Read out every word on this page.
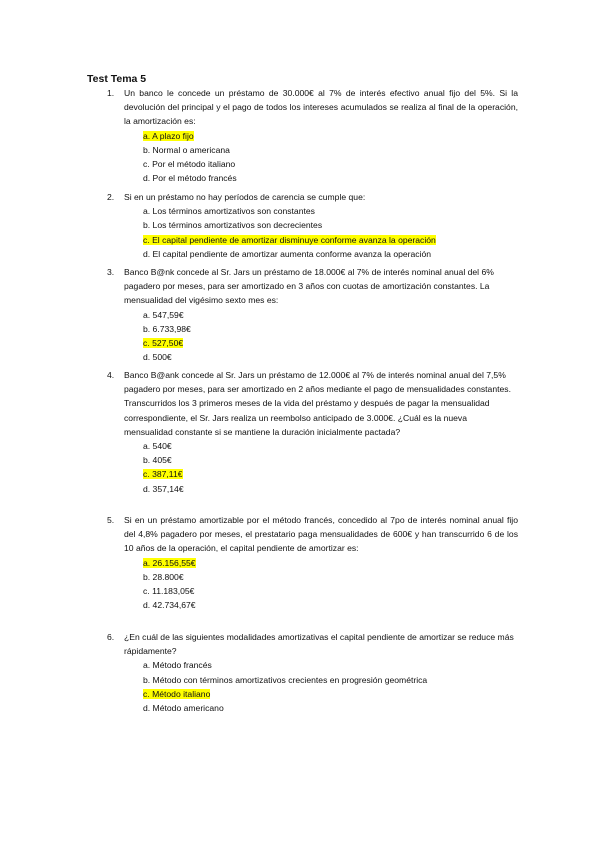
Test Tema 5

1. Un banco le concede un préstamo de 30.000€ al 7% de interés efectivo anual fijo del 5%. Si la devolución del principal y el pago de todos los intereses acumulados se realiza al final de la operación, la amortización es:

a. A plazo fijo
b. Normal o americana
c. Por el método italiano
d. Por el método francés

2. Si en un préstamo no hay períodos de carencia se cumple que:

a. Los términos amortizativos son constantes
b. Los términos amortizativos son decrecientes
c. El capital pendiente de amortizar disminuye conforme avanza la operación
d. El capital pendiente de amortizar aumenta conforme avanza la operación

3. Banco B@nk concede al Sr. Jars un préstamo de 18.000€ al 7% de interés nominal anual del 6% pagadero por meses, para ser amortizado en 3 años con cuotas de amortización constantes. La mensualidad del vigésimo sexto mes es:

a. 547,59€
b. 6.733,98€
c. 527,50€
d. 500€

4. Banco B@ank concede al Sr. Jars un préstamo de 12.000€ al 7% de interés nominal anual del 7,5% pagadero por meses, para ser amortizado en 2 años mediante el pago de mensualidades constantes. Transcurridos los 3 primeros meses de la vida del préstamo y después de pagar la mensualidad correspondiente, el Sr. Jars realiza un reembolso anticipado de 3.000€. ¿Cuál es la nueva mensualidad constante si se mantiene la duración inicialmente pactada?

a. 540€
b. 405€
c. 387,11€
d. 357,14€

5. Si en un préstamo amortizable por el método francés, concedido al 7po de interés nominal anual fijo del 4,8% pagadero por meses, el prestatario paga mensualidades de 600€ y han transcurrido 6 de los 10 años de la operación, el capital pendiente de amortizar es:

a. 26.156,55€
b. 28.800€
c. 11.183,05€
d. 42.734,67€

6. ¿En cuál de las siguientes modalidades amortizativas el capital pendiente de amortizar se reduce más rápidamente?

a. Método francés
b. Método con términos amortizativos crecientes en progresión geométrica
c. Método italiano
d. Método americano
